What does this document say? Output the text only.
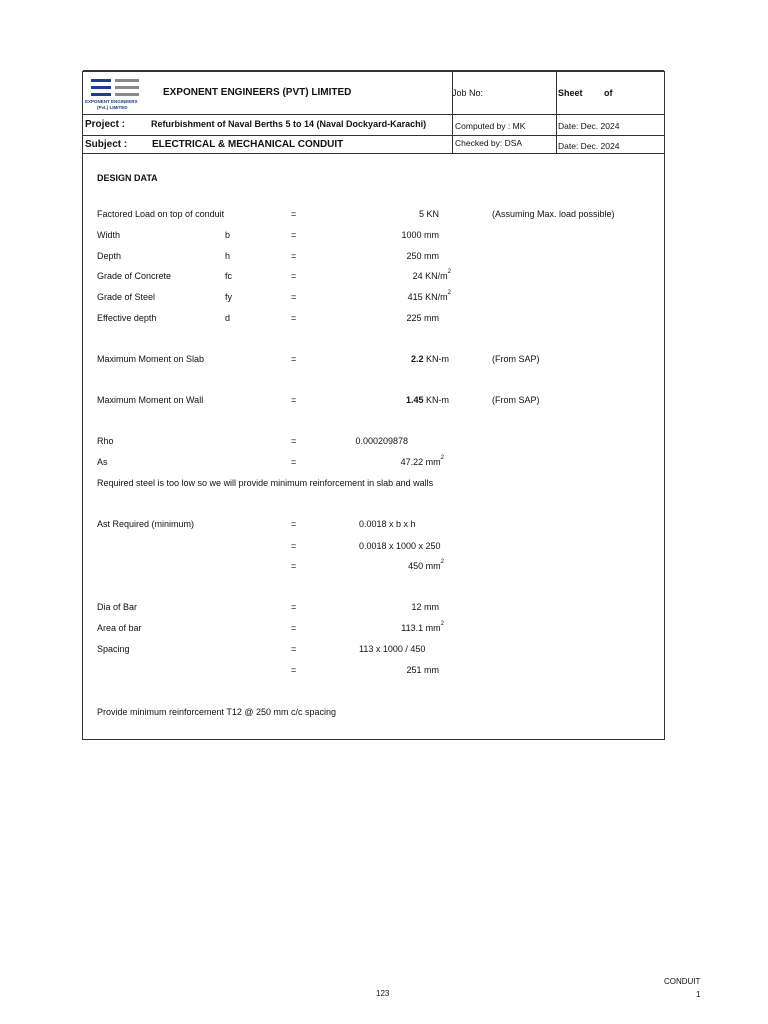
EXPONENT ENGINEERS
(Pvt.) LIMITED
EXPONENT ENGINEERS (PVT) LIMITED	Job No:	Sheet of
Project :	Refurbishment of Naval Berths 5 to 14 (Naval Dockyard-Karachi)	Computed by : MK	Date: Dec. 2024
Subject : ELECTRICAL & MECHANICAL CONDUIT	Checked by: DSA	Date: Dec. 2024
DESIGN DATA
Factored Load on top of conduit	=	5 KN	(Assuming Max. load possible)
Width	b	=	1000 mm
Depth	h	=	250 mm
Grade of Concrete	fc	=	24 $KN/m^2$
Grade of Steel	fy	=	415 $KN/m^2$
Effective depth	d	=	225 mm
Maximum Moment on Slab	=	2.2 KN-m	(From SAP)
Maximum Moment on Wall	=	1.45 KN-m	(From SAP)
Rho	=	0.000209878
As	=	47.22 $mm^2$
Required steel is too low so we will provide minimum reinforcement in slab and walls
Ast Required (minimum)	=	0.0018 x b x h
=	0.0018 x 1000 x 250
=	450 $mm^2$
Dia of Bar	=	12 mm
Area of bar	=	113.1 $mm^2$
Spacing	=	113 x 1000 / 450
=	251 mm
Provide minimum reinforcement T12 @ 250 mm c/c spacing
123
CONDUIT
1
